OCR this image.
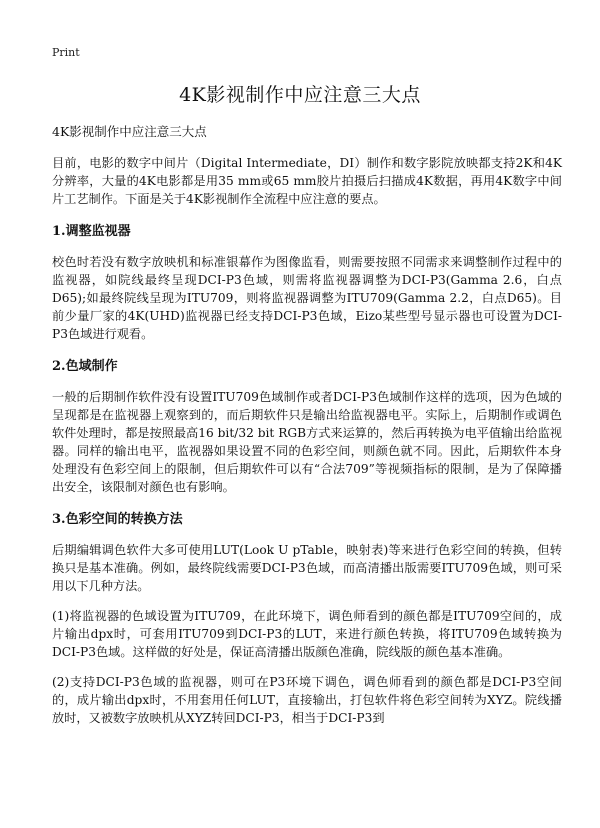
Print
4K影视制作中应注意三大点
4K影视制作中应注意三大点

目前，电影的数字中间片（Digital Intermediate，DI）制作和数字影院放映都支持2K和4K分辨率，大量的4K电影都是用35 mm或65 mm胶片拍摄后扫描成4K数据，再用4K数字中间片工艺制作。下面是关于4K影视制作全流程中应注意的要点。

1.调整监视器

校色时若没有数字放映机和标准银幕作为图像监看，则需要按照不同需求来调整制作过程中的监视器，如院线最终呈现DCI-P3色域，则需将监视器调整为DCI-P3(Gamma 2.6，白点D65);如最终院线呈现为ITU709，则将监视器调整为ITU709(Gamma 2.2，白点D65)。目前少量厂家的4K(UHD)监视器已经支持DCI-P3色域，Eizo某些型号显示器也可设置为DCI-P3色域进行观看。

2.色域制作

一般的后期制作软件没有设置ITU709色域制作或者DCI-P3色域制作这样的选项，因为色域的呈现都是在监视器上观察到的，而后期软件只是输出给监视器电平。实际上，后期制作或调色软件处理时，都是按照最高16 bit/32 bit RGB方式来运算的，然后再转换为电平值输出给监视器。同样的输出电平，监视器如果设置不同的色彩空间，则颜色就不同。因此，后期软件本身处理没有色彩空间上的限制，但后期软件可以有“合法709”等视频指标的限制，是为了保障播出安全，该限制对颜色也有影响。

3.色彩空间的转换方法

后期编辑调色软件大多可使用LUT(Look U pTable，映射表)等来进行色彩空间的转换，但转换只是基本准确。例如，最终院线需要DCI-P3色域，而高清播出版需要ITU709色域，则可采用以下几种方法。

(1)将监视器的色域设置为ITU709，在此环境下，调色师看到的颜色都是ITU709空间的，成片输出dpx时，可套用ITU709到DCI-P3的LUT，来进行颜色转换，将ITU709色域转换为DCI-P3色域。这样做的好处是，保证高清播出版颜色准确，院线版的颜色基本准确。

(2)支持DCI-P3色域的监视器，则可在P3环境下调色，调色师看到的颜色都是DCI-P3空间的，成片输出dpx时，不用套用任何LUT，直接输出，打包软件将色彩空间转为XYZ。院线播放时，又被数字放映机从XYZ转回DCI-P3，相当于DCI-P3到
